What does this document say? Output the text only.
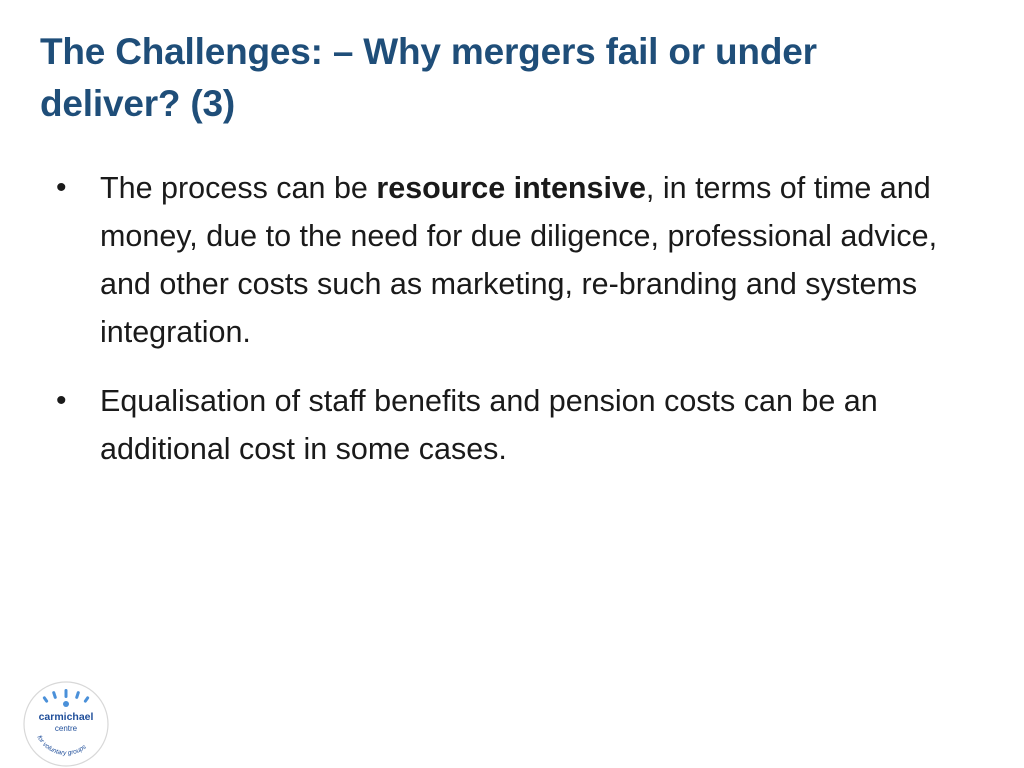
The Challenges: – Why mergers fail or under deliver? (3)
•	The process can be resource intensive, in terms of time and money, due to the need for due diligence, professional advice, and other costs such as marketing, re-branding and systems integration.
•	Equalisation of staff benefits and pension costs can be an additional cost in some cases.
carmichael
centre
for voluntary groups
